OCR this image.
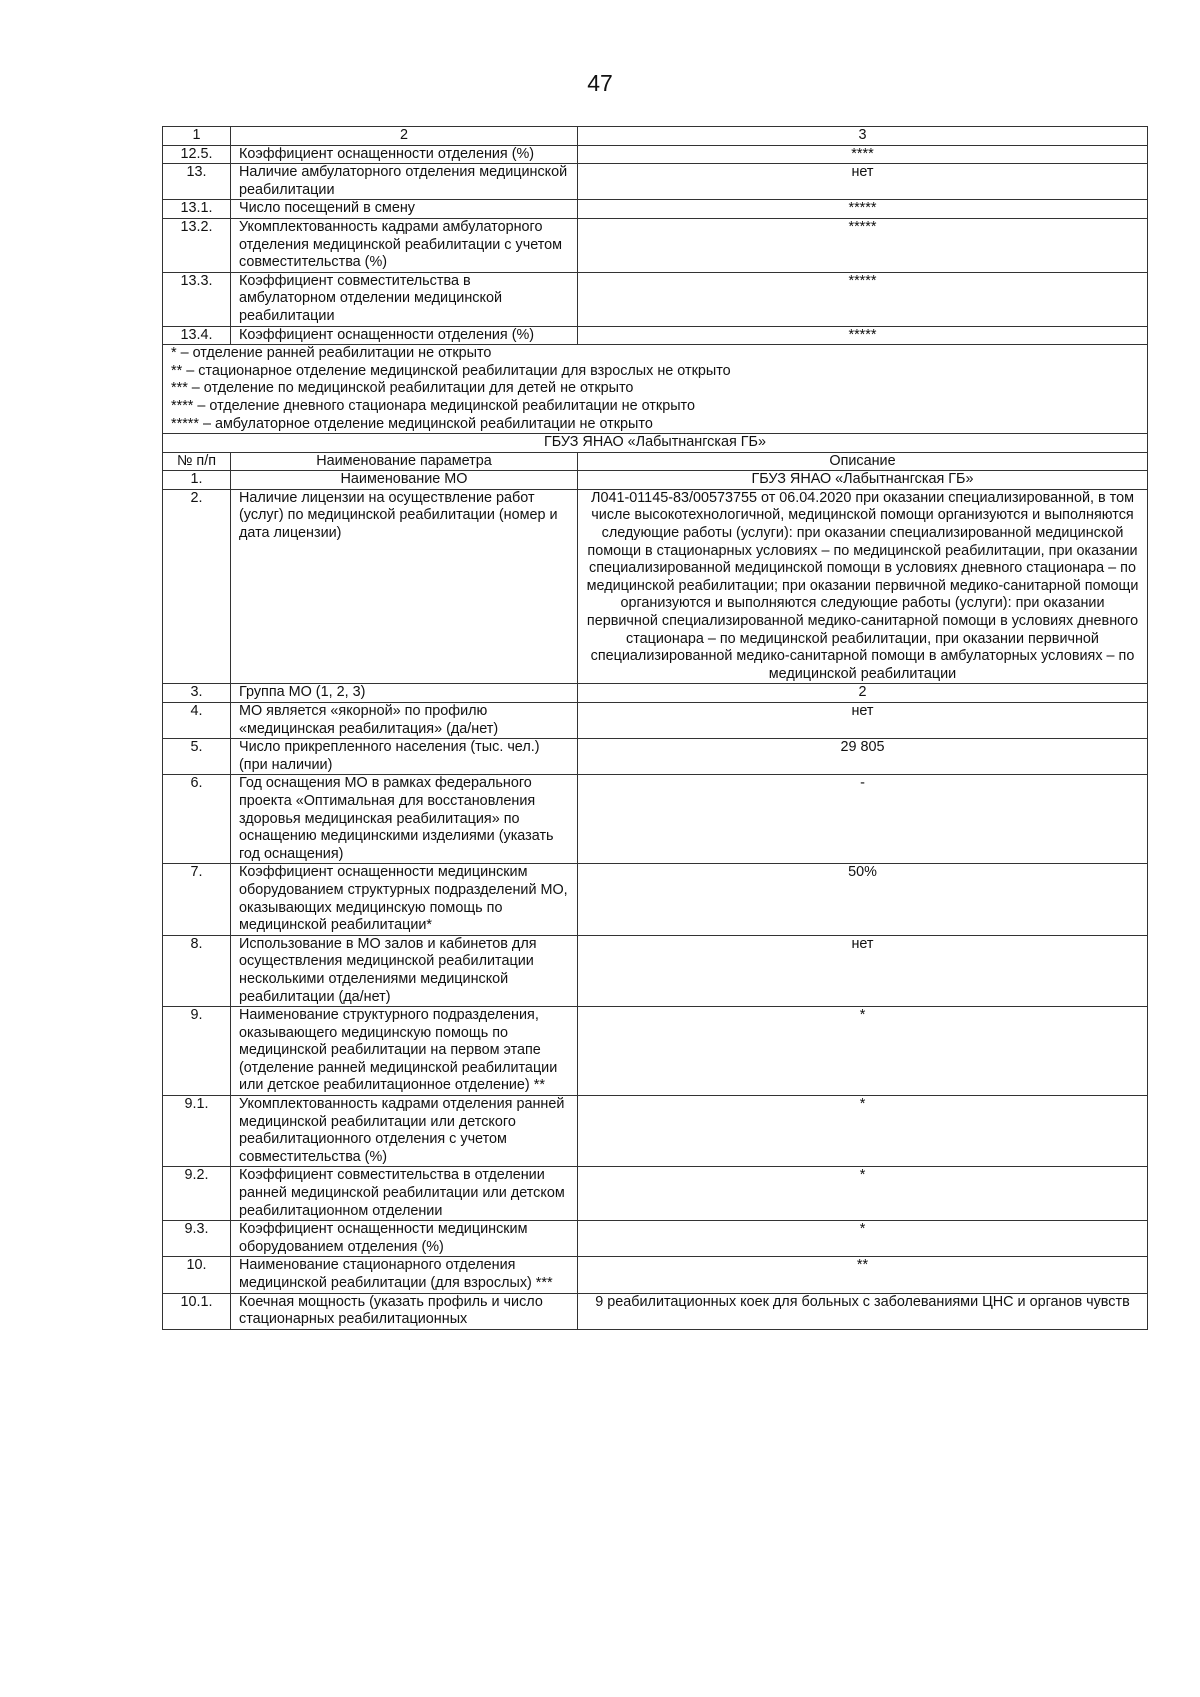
47
1	2	3
12.5.	Коэффициент оснащенности отделения (%)	****
13.	Наличие амбулаторного отделения медицинской реабилитации	нет
13.1.	Число посещений в смену	*****
13.2.	Укомплектованность кадрами амбулаторного отделения медицинской реабилитации с учетом совместительства (%)	*****
13.3.	Коэффициент совместительства в амбулаторном отделении медицинской реабилитации	*****
13.4.	Коэффициент оснащенности отделения (%)	*****

* – отделение ранней реабилитации не открыто
** – стационарное отделение медицинской реабилитации для взрослых не открыто
*** – отделение по медицинской реабилитации для детей не открыто
**** – отделение дневного стационара медицинской реабилитации не открыто
***** – амбулаторное отделение медицинской реабилитации не открыто		

ГБУЗ ЯНАО «Лабытнангская ГБ»		
№ п/п	Наименование параметра	Описание
1.	Наименование МО	ГБУЗ ЯНАО «Лабытнангская ГБ»
2.	Наличие лицензии на осуществление работ (услуг) по медицинской реабилитации (номер и дата лицензии)	Л041-01145-83/00573755 от 06.04.2020 при оказании специализированной, в том числе высокотехнологичной, медицинской помощи организуются и выполняются следующие работы (услуги): при оказании специализированной медицинской помощи в стационарных условиях – по медицинской реабилитации, при оказании специализированной медицинской помощи в условиях дневного стационара – по медицинской реабилитации; при оказании первичной медико-санитарной помощи организуются и выполняются следующие работы (услуги): при оказании первичной специализированной медико-санитарной помощи в условиях дневного стационара – по медицинской реабилитации, при оказании первичной специализированной медико-санитарной помощи в амбулаторных условиях – по медицинской реабилитации
3.	Группа МО (1, 2, 3)	2
4.	МО является «якорной» по профилю «медицинская реабилитация» (да/нет)	нет
5.	Число прикрепленного населения (тыс. чел.) (при наличии)	29 805
6.	Год оснащения МО в рамках федерального проекта «Оптимальная для восстановления здоровья медицинская реабилитация» по оснащению медицинскими изделиями (указать год оснащения)	-
7.	Коэффициент оснащенности медицинским оборудованием структурных подразделений МО, оказывающих медицинскую помощь по медицинской реабилитации*	50%
8.	Использование в МО залов и кабинетов для осуществления медицинской реабилитации несколькими отделениями медицинской реабилитации (да/нет)	нет
9.	Наименование структурного подразделения, оказывающего медицинскую помощь по медицинской реабилитации на первом этапе (отделение ранней медицинской реабилитации или детское реабилитационное отделение) **	*
9.1.	Укомплектованность кадрами отделения ранней медицинской реабилитации или детского реабилитационного отделения с учетом совместительства (%)	*
9.2.	Коэффициент совместительства в отделении ранней медицинской реабилитации или детском реабилитационном отделении	*
9.3.	Коэффициент оснащенности медицинским оборудованием отделения (%)	*
10.	Наименование стационарного отделения медицинской реабилитации (для взрослых) ***	**
10.1.	Коечная мощность (указать профиль и число стационарных реабилитационных	9 реабилитационных коек для больных с заболеваниями ЦНС и органов чувств
